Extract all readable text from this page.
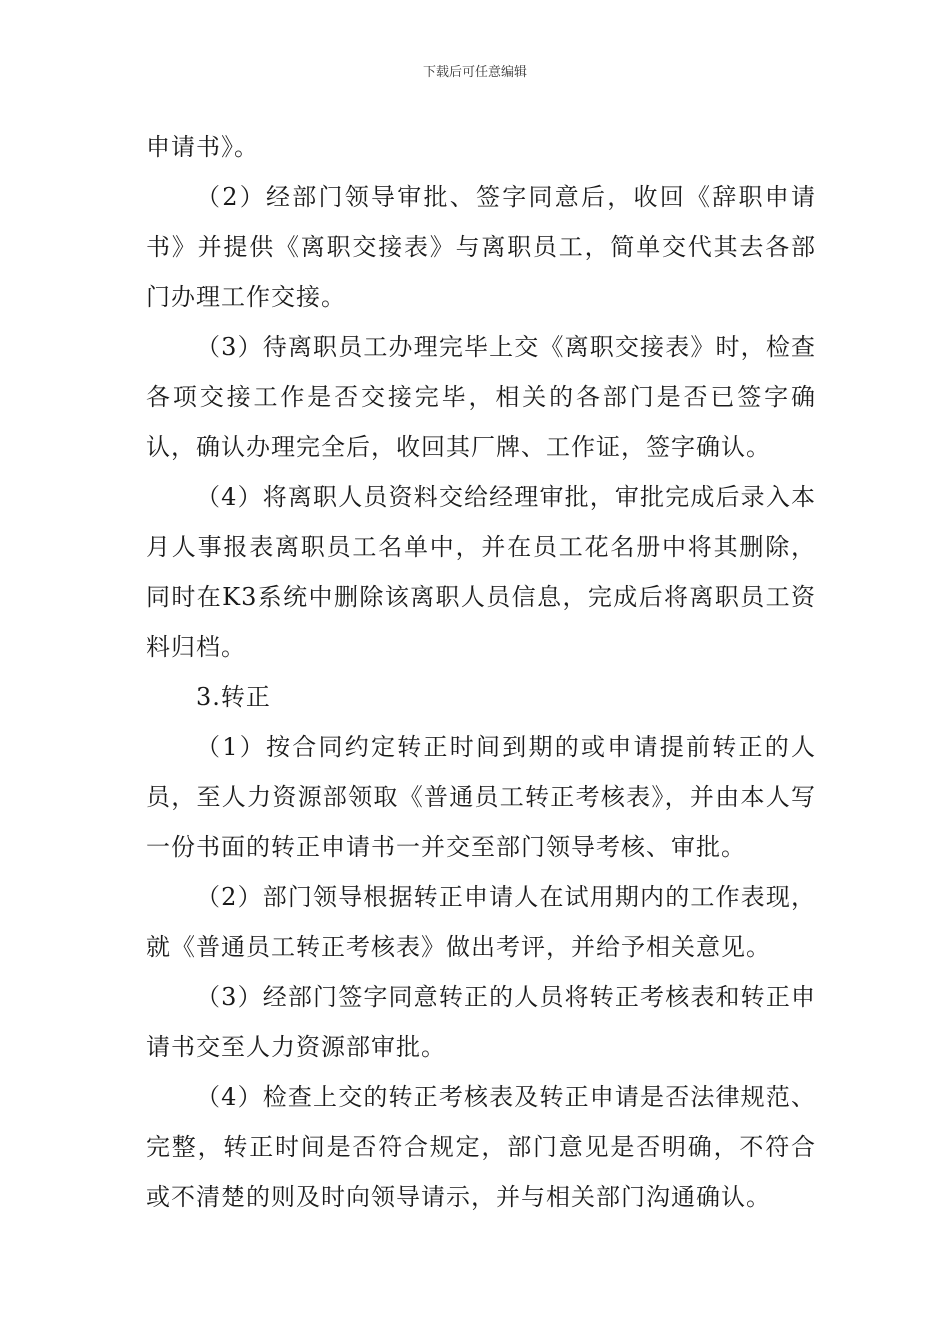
下载后可任意编辑

申请书》。

（2）经部门领导审批、签字同意后，收回《辞职申请书》并提供《离职交接表》与离职员工，简单交代其去各部门办理工作交接。

（3）待离职员工办理完毕上交《离职交接表》时，检查各项交接工作是否交接完毕，相关的各部门是否已签字确认，确认办理完全后，收回其厂牌、工作证，签字确认。

（4）将离职人员资料交给经理审批，审批完成后录入本月人事报表离职员工名单中，并在员工花名册中将其删除，同时在K3系统中删除该离职人员信息，完成后将离职员工资料归档。

3.转正

（1）按合同约定转正时间到期的或申请提前转正的人员，至人力资源部领取《普通员工转正考核表》，并由本人写一份书面的转正申请书一并交至部门领导考核、审批。

（2）部门领导根据转正申请人在试用期内的工作表现，就《普通员工转正考核表》做出考评，并给予相关意见。

（3）经部门签字同意转正的人员将转正考核表和转正申请书交至人力资源部审批。

（4）检查上交的转正考核表及转正申请是否法律规范、完整，转正时间是否符合规定，部门意见是否明确，不符合或不清楚的则及时向领导请示，并与相关部门沟通确认。
